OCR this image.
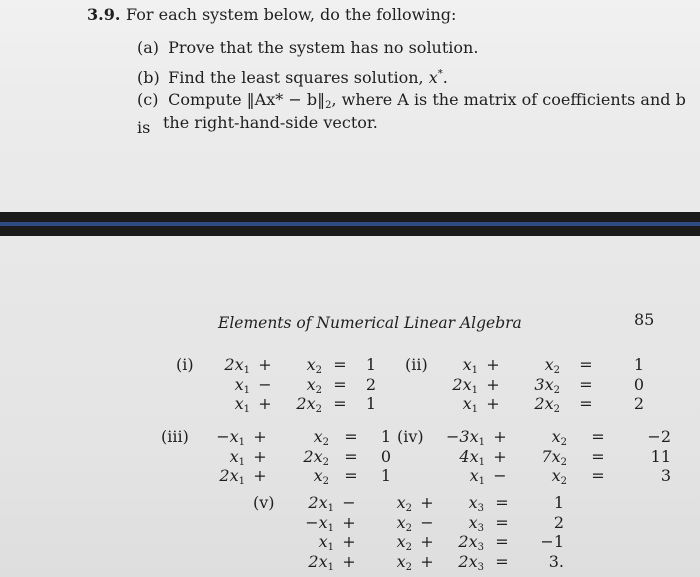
3.9. For each system below, do the following:
(a) Prove that the system has no solution.
(b) Find the least squares solution, x*.
(c) Compute ‖Ax* − $b‖_2$, where A is the matrix of coefficients and b is the right-hand-side vector.
Elements of Numerical Linear Algebra	85
(i)	$2x_1$ +	$x_2$ =	1
$x_1$ −	$x_2$ =	2
$x_1$ +	$2x_2$ =	1
(ii)	$x_1$ +	$x_2$	=	1
$2x_1$ +	$3x_2$	=	0
$x_1$ +	$2x_2$	=	2
(iii)	$-x_1$ +	$x_2$ =	1
$x_1$ +	$2x_2$ =	0
$2x_1$ +	$x_2$ =	1
(iv)	$-3x_1$ +	$x_2$	=	−2
$4x_1$ +	$7x_2$	=	11
$x_1$ −	$x_2$	=	3
(v)	$2x_1$ −	$x_2$ +	$x_3$ =	1
$-x_1$ +	$x_2$ −	$x_3$ =	2
$x_1$ +	$x_2$ +	$2x_3$ =	−1
$2x_1$ +	$x_2$ +	$2x_3$ =	3.
